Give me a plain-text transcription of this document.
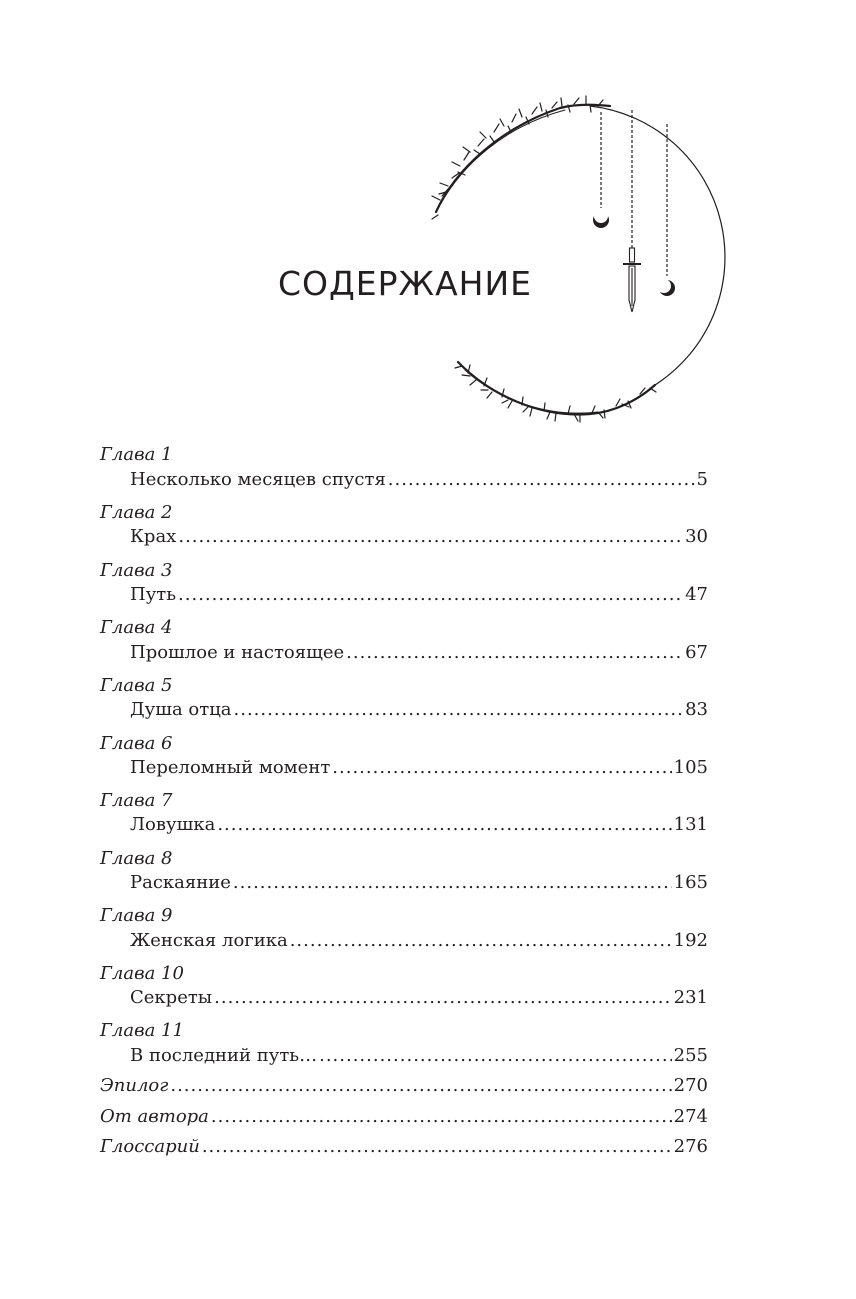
СОДЕРЖАНИЕ
Глава 1
Несколько месяцев спустя .....	5
Глава 2
Крах .....	30
Глава 3
Путь .....	47
Глава 4
Прошлое и настоящее .....	67
Глава 5
Душа отца .....	83
Глава 6
Переломный момент .....	105
Глава 7
Ловушка .....	131
Глава 8
Раскаяние .....	165
Глава 9
Женская логика .....	192
Глава 10
Секреты .....	231
Глава 11
В последний путь… .....	255
Эпилог .....	270
От автора .....	274
Глоссарий .....	276
